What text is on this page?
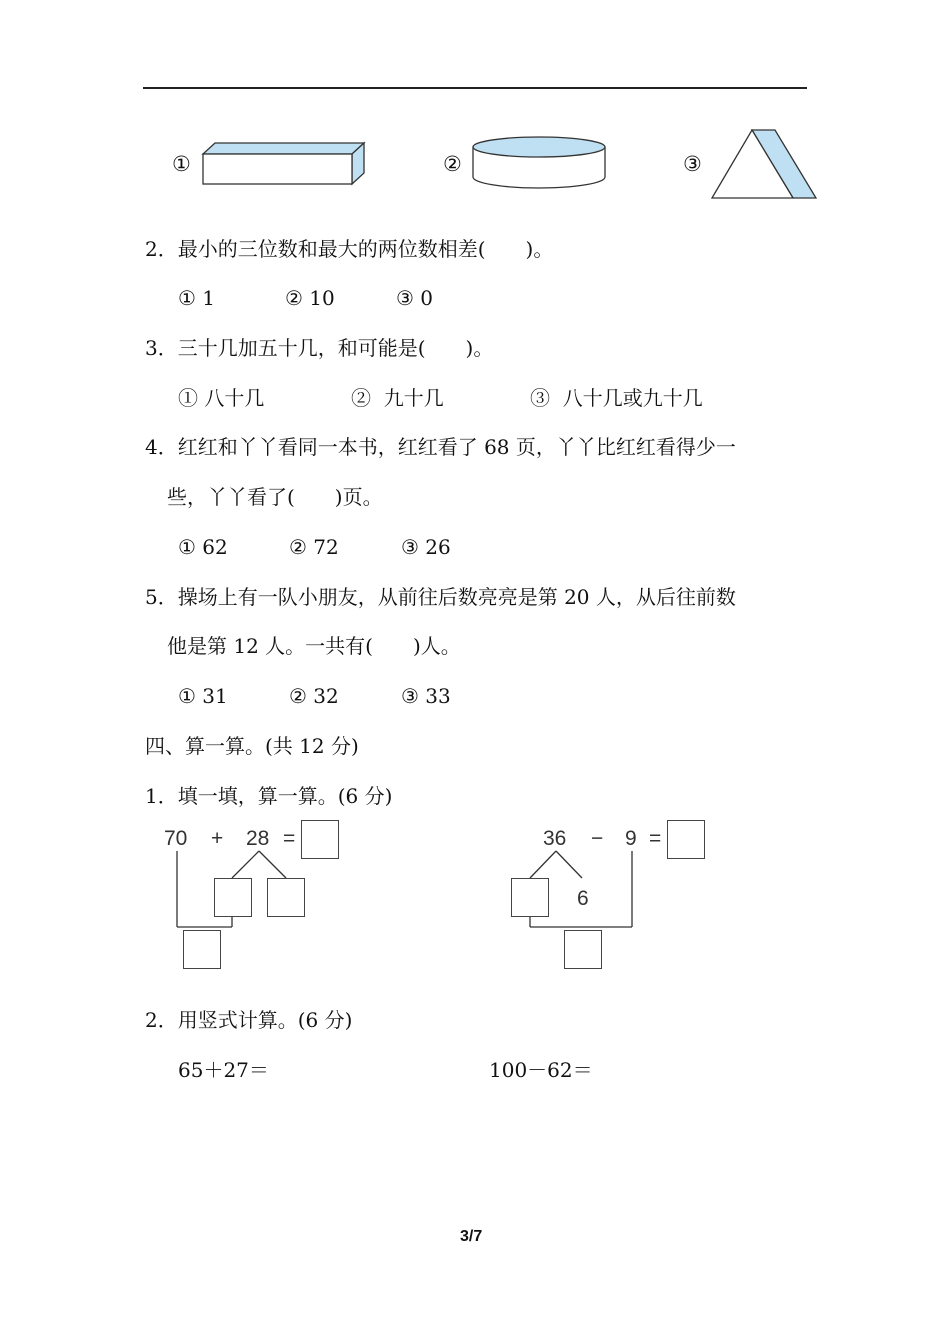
①	②	③
2．最小的三位数和最大的两位数相差(　　)。
① 1	② 10	③ 0
3．三十几加五十几，和可能是(　　)。
① 八十几	②  九十几	③  八十几或九十几
4．红红和丫丫看同一本书，红红看了 68 页，丫丫比红红看得少一
些，丫丫看了(　　)页。
① 62	② 72	③ 26
5．操场上有一队小朋友，从前往后数亮亮是第 20 人，从后往前数
他是第 12 人。一共有(　　)人。
① 31	② 32	③ 33
四、算一算。(共 12 分)
1．填一填，算一算。(6 分)
70 + 28 =	36 − 9 =
6
2．用竖式计算。(6 分)
65＋27＝	100－62＝
3/7
